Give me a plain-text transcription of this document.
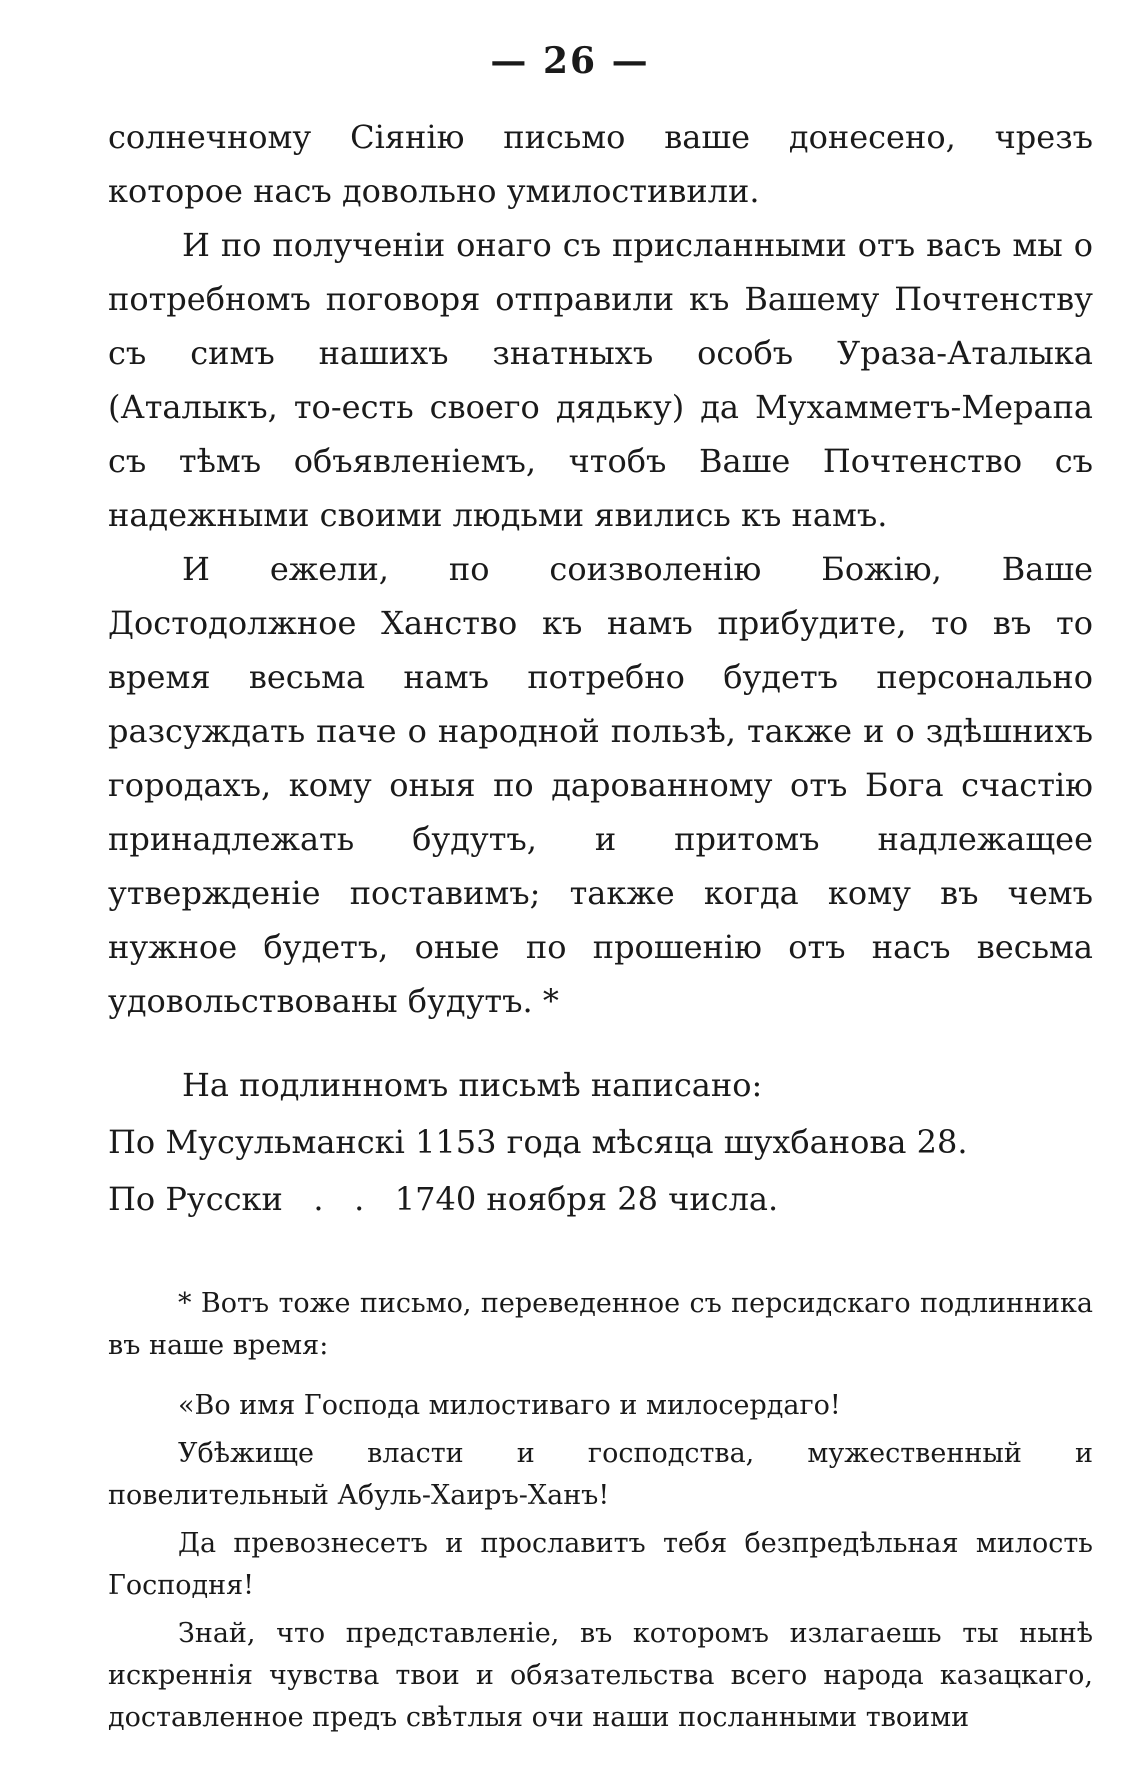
— 26 —

солнечному Сiянiю письмо ваше донесено, чрезъ которое насъ довольно умилостивили.

И по полученiи онаго съ присланными отъ васъ мы о потребномъ поговоря отправили къ Вашему Почтенству съ симъ нашихъ знатныхъ особъ Ураза-Аталыка (Аталыкъ, то-есть своего дядьку) да Мухамметъ-Мерапа съ тѣмъ объявленiемъ, чтобъ Ваше Почтенство съ надежными своими людьми явились къ намъ.

И ежели, по соизволенiю Божiю, Ваше Достодолжное Ханство къ намъ прибудите, то въ то время весьма намъ потребно будетъ персонально разсуждать паче о народной пользѣ, также и о здѣшнихъ городахъ, кому оныя по дарованному отъ Бога счастiю принадлежать будутъ, и притомъ надлежащее утвержденiе поставимъ; также когда кому въ чемъ нужное будетъ, оные по прошенiю отъ насъ весьма удовольствованы будутъ. *

На подлинномъ письмѣ написано:

По Мусульманскi 1153 года мѣсяца шухбанова 28.

По Русски   .   .   1740 ноября 28 числа.

* Вотъ тоже письмо, переведенное съ персидскаго подлинника въ наше время:

«Во имя Господа милостиваго и милосердаго!

Убѣжище власти и господства, мужественный и повелительный Абуль-Хаиръ-Ханъ!

Да превознесетъ и прославитъ тебя безпредѣльная милость Господня!

Знай, что представленiе, въ которомъ излагаешь ты нынѣ искреннiя чувства твои и обязательства всего народа казацкаго, доставленное предъ свѣтлыя очи наши посланными твоими
